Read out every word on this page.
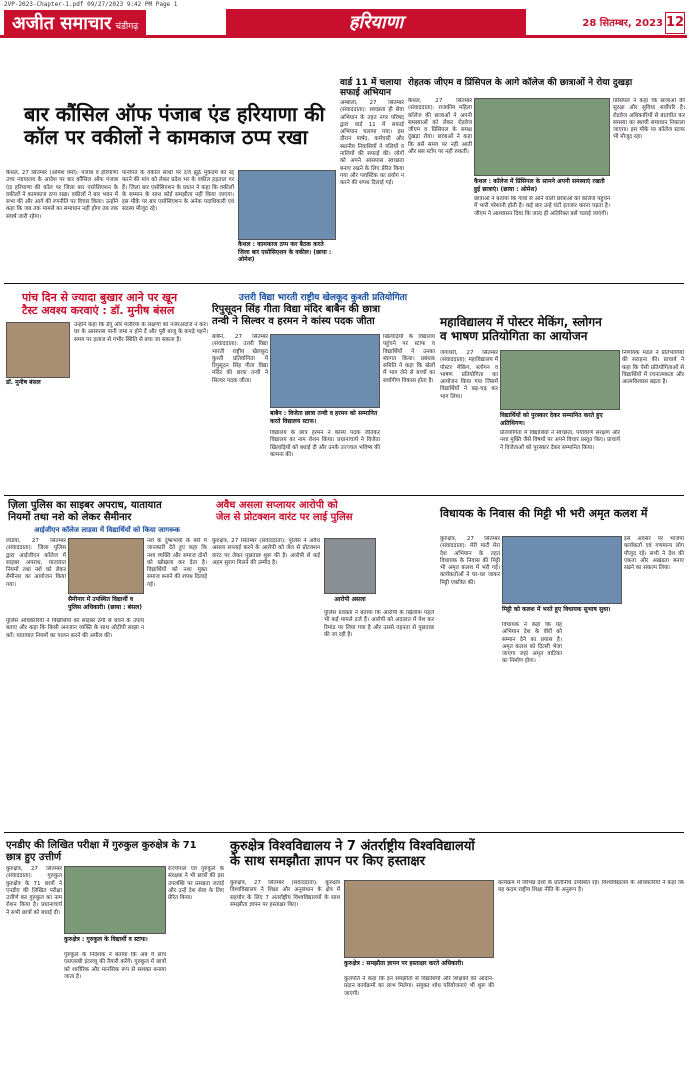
2VP-2023-Chapter-1.pdf 09/27/2023 9:42 PM Page 1
अजीत समाचार चंडीगढ़	हरियाणा	28 सितम्बर, 2023 12
बार कौंसिल ऑफ पंजाब एंड हरियाणा की
कॉल पर वकीलों ने कामकाज ठप्प रखा
कैथल, 27 सितम्बर (ओमेश वर्मा): पंजाब व हरियाणा उच्च न्यायालय के आदेश पर बार कौंसिल ऑफ पंजाब एंड हरियाणा की कॉल पर जिला बार एसोसिएशन के वकीलों ने कामकाज ठप्प रखा। वकीलों ने बार भवन में सभा की और आगे की रणनीति पर विचार किया। उन्होंने कहा कि जब तक मामले का समाधान नहीं होगा तब तक संघर्ष जारी रहेगा।
पानीपत के वकील साथी पर दर्ज झूठे मुकदमे को रद्द करने की मांग को लेकर प्रदेश भर के वकील हड़ताल पर हैं। जिला बार एसोसिएशन के प्रधान ने कहा कि वकीलों के सम्मान के साथ कोई समझौता नहीं किया जाएगा। इस मौके पर बार एसोसिएशन के अनेक पदाधिकारी एवं सदस्य मौजूद रहे।
कैथल : कामकाज ठप्प कर बैठक करते जिला बार एसोसिएशन के वकील। (छाया : ओमेश)
वार्ड 11 में चलाया सफाई अभियान
अम्बाला, 27 सितम्बर (संवाददाता): स्वच्छता ही सेवा अभियान के तहत नगर परिषद द्वारा वार्ड 11 में सफाई अभियान चलाया गया। इस दौरान पार्षद, कर्मचारी और स्थानीय निवासियों ने गलियों व नालियों की सफाई की। लोगों को अपने आसपास स्वच्छता बनाए रखने के लिए प्रेरित किया गया और प्लास्टिक का प्रयोग न करने की शपथ दिलाई गई।
रोहतक जीएम व प्रिंसिपल के आगे कॉलेज की छात्राओं ने रोया दुखड़ा
कैथल, 27 सितम्बर (संवाददाता): राजकीय महिला कॉलेज की छात्राओं ने अपनी समस्याओं को लेकर रोडवेज जीएम व प्रिंसिपल के समक्ष दुखड़ा रोया। छात्राओं ने कहा कि बसें समय पर नहीं आतीं और बस स्टॉप पर नहीं रुकतीं।
कैथल : कॉलेज में प्रिंसिपल के सामने अपनी समस्याएं रखती हुई छात्राएं। (छाया : ओमेश)
छात्राओं ने बताया कि गांवों से आने वाली छात्राओं को कॉलेज पहुंचने में भारी परेशानी होती है। कई बार उन्हें घंटों इंतजार करना पड़ता है। जीएम ने आश्वासन दिया कि जल्द ही अतिरिक्त बसें चलाई जाएंगी।
प्रिंसिपल ने कहा कि छात्राओं की सुरक्षा और सुविधा सर्वोपरि है। रोडवेज अधिकारियों से बातचीत कर समस्या का स्थायी समाधान निकाला जाएगा। इस मौके पर कॉलेज स्टाफ भी मौजूद रहा।
पांच दिन से ज्यादा बुखार आने पर खून
टैस्ट अवश्य करवाएं : डॉ. मुनीष बंसल
डॉ. मुनीष बंसल
उन्होंने कहा कि डेंगू और मलेरिया के लक्षणों को नजरअंदाज न करें। घर के आसपास पानी जमा न होने दें और पूरी बाजू के कपड़े पहनें। समय पर इलाज से गंभीर स्थिति से बचा जा सकता है।
उत्तरी विद्या भारती राष्ट्रीय खेलकूद कुश्ती प्रतियोगिता
रिपुसूदन सिंह गीता विद्या मंदिर बाबैन की छात्रा
तन्वी ने सिल्वर व हरमन ने कांस्य पदक जीता
बाबैन, 27 सितम्बर (संवाददाता): उत्तरी विद्या भारती राष्ट्रीय खेलकूद कुश्ती प्रतियोगिता में रिपुसूदन सिंह गीता विद्या मंदिर की छात्रा तन्वी ने सिल्वर पदक जीता।
बाबैन : विजेता छात्रा तन्वी व हरमन को सम्मानित करते विद्यालय स्टाफ।
विद्यालय के छात्र हरमन ने कांस्य पदक जीतकर विद्यालय का नाम रोशन किया। प्रधानाचार्य ने विजेता खिलाड़ियों को बधाई दी और उनके उज्ज्वल भविष्य की कामना की।
खिलाड़ियों के विद्यालय पहुंचने पर स्टाफ व विद्यार्थियों ने उनका स्वागत किया। प्रबंधक समिति ने कहा कि खेलों में भाग लेने से बच्चों का सर्वांगीण विकास होता है।
महाविद्यालय में पोस्टर मेकिंग, स्लोगन
व भाषण प्रतियोगिता का आयोजन
जगाधरी, 27 सितम्बर (संवाददाता): महाविद्यालय में पोस्टर मेकिंग, स्लोगन व भाषण प्रतियोगिता का आयोजन किया गया जिसमें विद्यार्थियों ने बढ़-चढ़ कर भाग लिया।
विद्यार्थियों को पुरस्कार देकर सम्मानित करते हुए अतिथिगण।
प्रतियोगिता में विद्यार्थियों ने स्वच्छता, पर्यावरण संरक्षण और नशा मुक्ति जैसे विषयों पर अपने विचार प्रस्तुत किए। प्राचार्य ने विजेताओं को पुरस्कार देकर सम्मानित किया।
निर्णायक मंडल ने प्रतिभागियों की सराहना की। प्राचार्य ने कहा कि ऐसी प्रतियोगिताओं से विद्यार्थियों में रचनात्मकता और आत्मविश्वास बढ़ता है।
ज़िला पुलिस का साइबर अपराध, यातायात
नियमों तथा नशे को लेकर सैमीनार
आईजीएन कॉलेज लाडवा में विद्यार्थियों को किया जागरूक
लाडवा, 27 सितम्बर (संवाददाता): जिला पुलिस द्वारा आईजीएन कॉलेज में साइबर अपराध, यातायात नियमों तथा नशे को लेकर सैमीनार का आयोजन किया गया।
सैमीनार में उपस्थित विद्यार्थी व पुलिस अधिकारी। (छाया : बंसल)
पुलिस अधिकारियों ने विद्यार्थियों को साइबर ठगी से बचने के उपाय बताए और कहा कि किसी अनजान व्यक्ति के साथ ओटीपी साझा न करें। यातायात नियमों का पालन करने की अपील की।
नशे के दुष्प्रभावों के बारे में जानकारी देते हुए कहा कि नशा व्यक्ति और समाज दोनों को खोखला कर देता है। विद्यार्थियों को नशा मुक्त समाज बनाने की शपथ दिलाई गई।
अवैध असला सप्लायर आरोपी को
जेल से प्रोटक्शन वारंट पर लाई पुलिस
कुरुक्षेत्र, 27 सितम्बर (संवाददाता): पुलिस ने अवैध असला सप्लाई करने के आरोपी को जेल से प्रोटक्शन वारंट पर लेकर पूछताछ शुरू की है। आरोपी से कई अहम सुराग मिलने की उम्मीद है।
आरोपी असला
पुलिस प्रवक्ता ने बताया कि आरोपी के खिलाफ पहले भी कई मामले दर्ज हैं। आरोपी को अदालत में पेश कर रिमांड पर लिया गया है और उससे गहनता से पूछताछ की जा रही है।
विधायक के निवास की मिट्टी भी भरी अमृत कलश में
कुरुक्षेत्र, 27 सितम्बर (संवाददाता): मेरी माटी मेरा देश अभियान के तहत विधायक के निवास की मिट्टी भी अमृत कलश में भरी गई। कार्यकर्ताओं ने घर-घर जाकर मिट्टी एकत्रित की।
मिट्टी को कलश में भरते हुए विधायक सुभाष सुधा।
विधायक ने कहा कि यह अभियान देश के वीरों को सम्मान देने का प्रयास है। अमृत कलश को दिल्ली भेजा जाएगा जहां अमृत वाटिका का निर्माण होगा।
इस अवसर पर भाजपा कार्यकर्ता एवं गणमान्य लोग मौजूद रहे। सभी ने देश की एकता और अखंडता बनाए रखने का संकल्प लिया।
एनडीए की लिखित परीक्षा में गुरुकुल कुरुक्षेत्र के 71 छात्र हुए उत्तीर्ण
कुरुक्षेत्र, 27 सितम्बर (संवाददाता): गुरुकुल कुरुक्षेत्र के 71 छात्रों ने एनडीए की लिखित परीक्षा उत्तीर्ण कर गुरुकुल का नाम रोशन किया है। प्रधानाचार्य ने सभी छात्रों को बधाई दी।
कुरुक्षेत्र : गुरुकुल के विद्यार्थी व स्टाफ।
गुरुकुल के निदेशक ने बताया कि अब ये छात्र एसएसबी इंटरव्यू की तैयारी करेंगे। गुरुकुल में छात्रों को शारीरिक और मानसिक रूप से सशक्त बनाया जाता है।
राज्यपाल एवं गुरुकुल के संरक्षक ने भी छात्रों की इस उपलब्धि पर प्रसन्नता जताई और उन्हें देश सेवा के लिए प्रेरित किया।
कुरुक्षेत्र विश्वविद्यालय ने 7 अंतर्राष्ट्रीय विश्वविद्यालयों
के साथ समझौता ज्ञापन पर किए हस्ताक्षर
कुरुक्षेत्र, 27 सितम्बर (संवाददाता): कुरुक्षेत्र विश्वविद्यालय ने शिक्षा और अनुसंधान के क्षेत्र में सहयोग के लिए 7 अंतर्राष्ट्रीय विश्वविद्यालयों के साथ समझौता ज्ञापन पर हस्ताक्षर किए।
कुरुक्षेत्र : समझौता ज्ञापन पर हस्ताक्षर करते अधिकारी।
कुलपति ने कहा कि इन समझौतों से विद्यार्थियों और शिक्षकों को आदान-प्रदान कार्यक्रमों का लाभ मिलेगा। संयुक्त शोध परियोजनाएं भी शुरू की जाएंगी।
कार्यक्रम में विभिन्न देशों के प्रतिनिधि उपस्थित रहे। विश्वविद्यालय के अधिकारियों ने कहा कि यह कदम राष्ट्रीय शिक्षा नीति के अनुरूप है।
